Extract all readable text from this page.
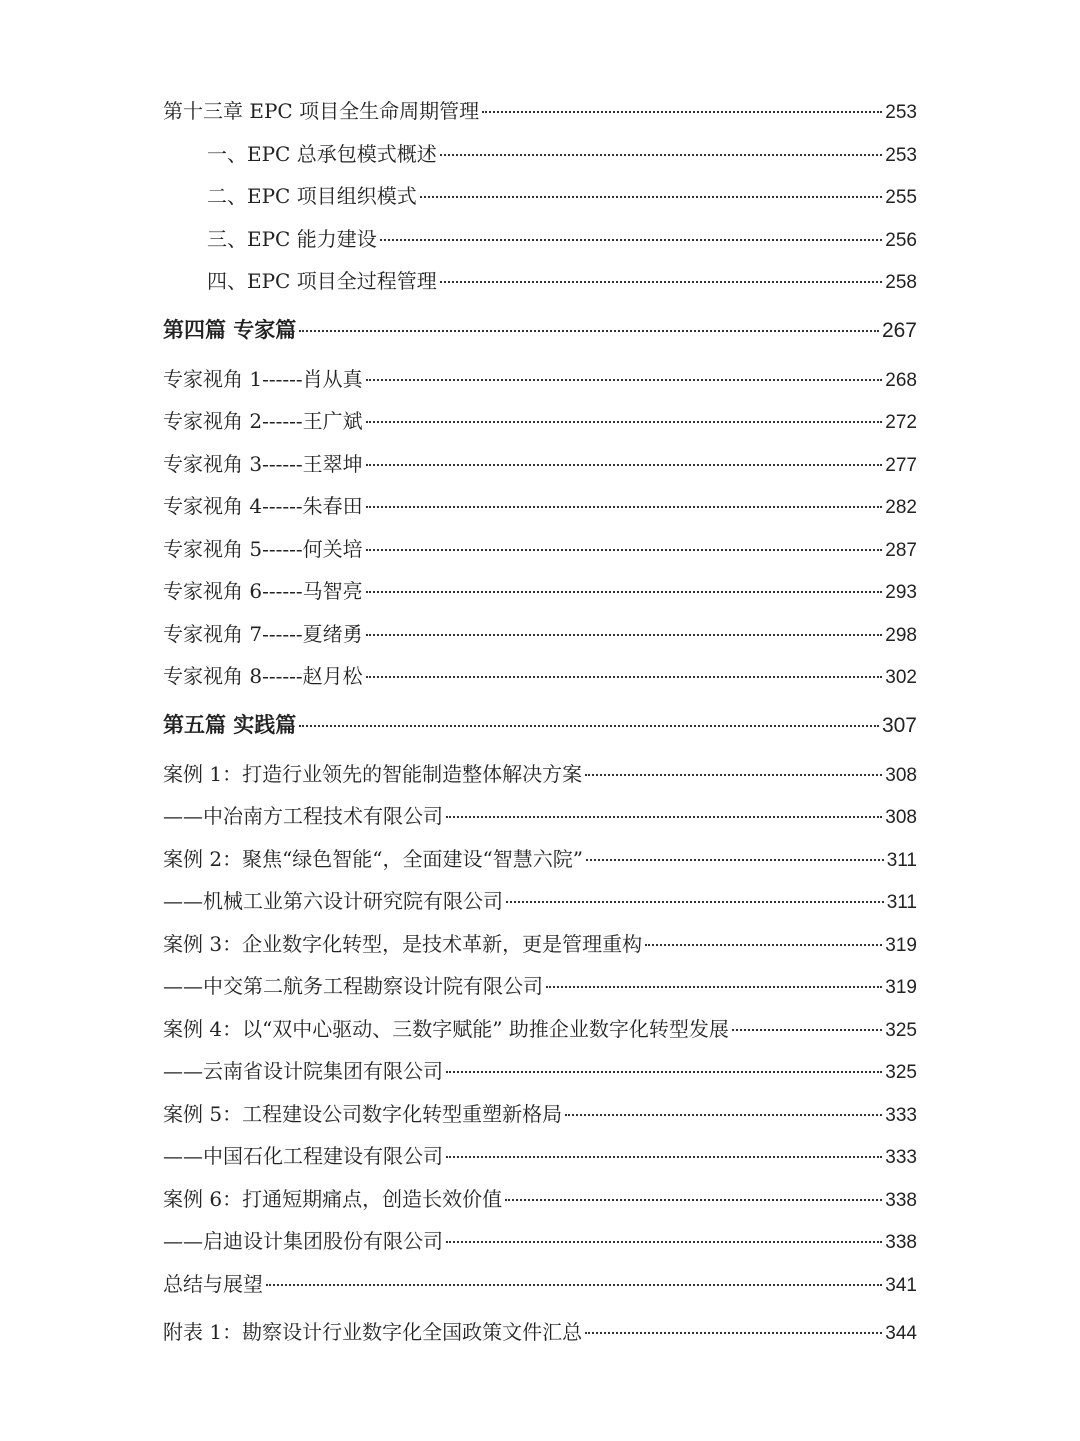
第十三章 EPC 项目全生命周期管理	253
一、EPC 总承包模式概述	253
二、EPC 项目组织模式	255
三、EPC 能力建设	256
四、EPC 项目全过程管理	258
第四篇 专家篇	267
专家视角 1------肖从真	268
专家视角 2------王广斌	272
专家视角 3------王翠坤	277
专家视角 4------朱春田	282
专家视角 5------何关培	287
专家视角 6------马智亮	293
专家视角 7------夏绪勇	298
专家视角 8------赵月松	302
第五篇 实践篇	307
案例 1：打造行业领先的智能制造整体解决方案	308
——中冶南方工程技术有限公司	308
案例 2：聚焦“绿色智能“，全面建设“智慧六院”	311
——机械工业第六设计研究院有限公司	311
案例 3：企业数字化转型，是技术革新，更是管理重构	319
——中交第二航务工程勘察设计院有限公司	319
案例 4：以“双中心驱动、三数字赋能” 助推企业数字化转型发展	325
——云南省设计院集团有限公司	325
案例 5：工程建设公司数字化转型重塑新格局	333
——中国石化工程建设有限公司	333
案例 6：打通短期痛点，创造长效价值	338
——启迪设计集团股份有限公司	338
总结与展望	341
附表 1：勘察设计行业数字化全国政策文件汇总	344
